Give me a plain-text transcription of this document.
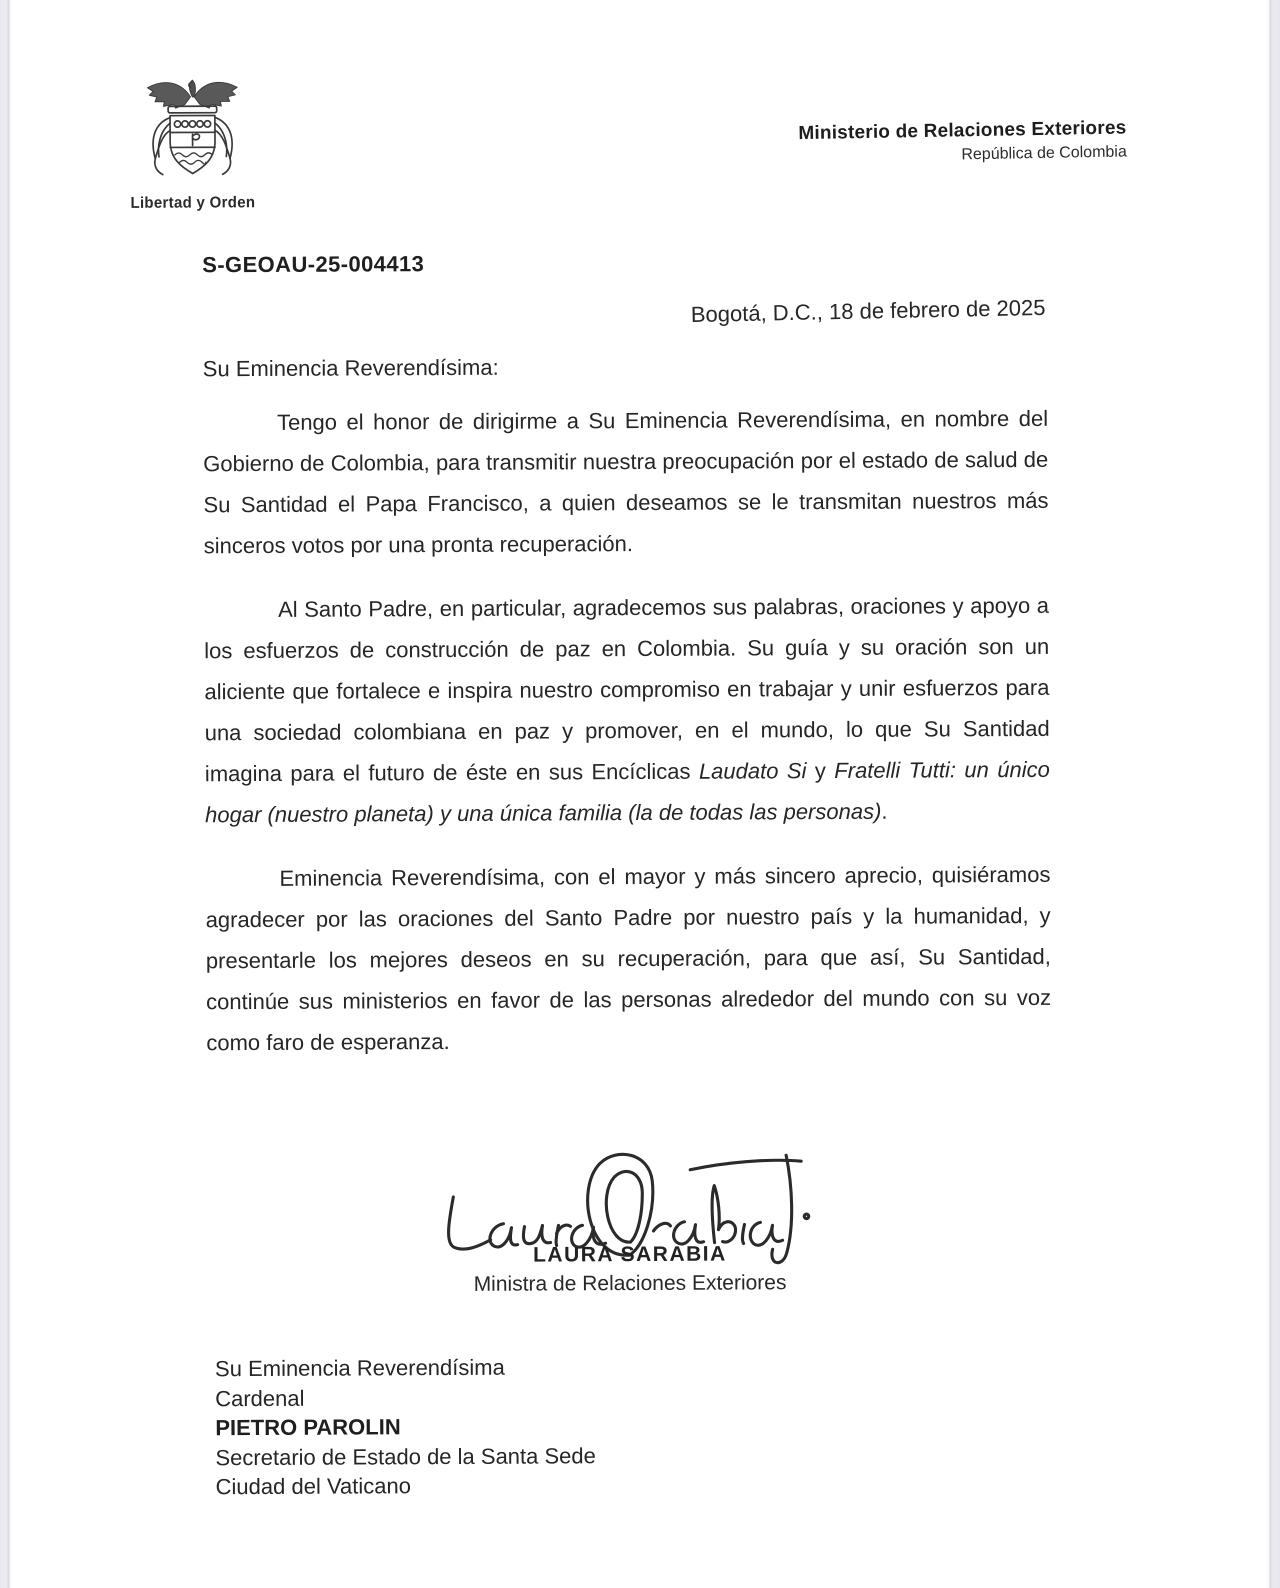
Libertad y Orden
Ministerio de Relaciones Exteriores
República de Colombia
S-GEOAU-25-004413
Bogotá, D.C., 18 de febrero de 2025
Su Eminencia Reverendísima:

Tengo el honor de dirigirme a Su Eminencia Reverendísima, en nombre del Gobierno de Colombia, para transmitir nuestra preocupación por el estado de salud de Su Santidad el Papa Francisco, a quien deseamos se le transmitan nuestros más sinceros votos por una pronta recuperación.

Al Santo Padre, en particular, agradecemos sus palabras, oraciones y apoyo a los esfuerzos de construcción de paz en Colombia. Su guía y su oración son un aliciente que fortalece e inspira nuestro compromiso en trabajar y unir esfuerzos para una sociedad colombiana en paz y promover, en el mundo, lo que Su Santidad imagina para el futuro de éste en sus Encíclicas Laudato Si y Fratelli Tutti: un único hogar (nuestro planeta) y una única familia (la de todas las personas).

Eminencia Reverendísima, con el mayor y más sincero aprecio, quisiéramos agradecer por las oraciones del Santo Padre por nuestro país y la humanidad, y presentarle los mejores deseos en su recuperación, para que así, Su Santidad, continúe sus ministerios en favor de las personas alrededor del mundo con su voz como faro de esperanza.

LAURA SARABIA
Ministra de Relaciones Exteriores
Su Eminencia Reverendísima
Cardenal
PIETRO PAROLIN
Secretario de Estado de la Santa Sede
Ciudad del Vaticano
